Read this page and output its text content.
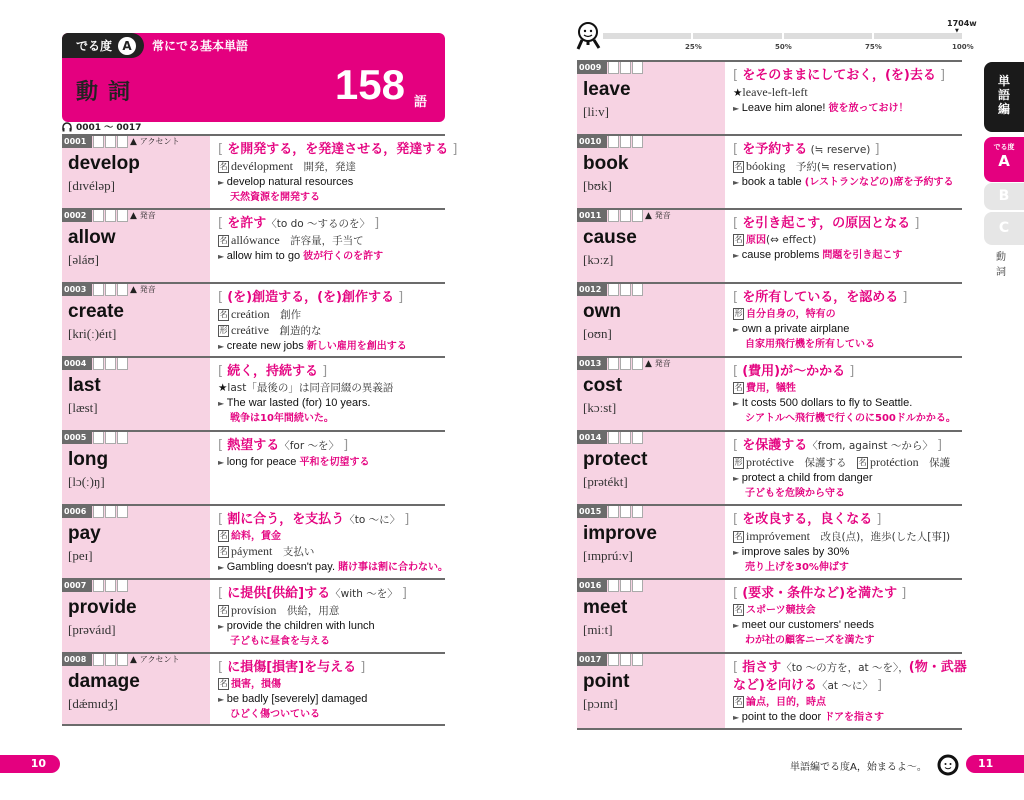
でる度 A	常にでる基本単語
動詞	158 語
0001 ～ 0017
0001	▲ アクセント
develop
[dɪvéləp]
[ を開発する，を発達させる，発達する ]
名 devélopment　開発，発達
► develop natural resources
天然資源を開発する
0002	▲ 発音
allow
[əláʊ]
[ を許す〈to do ～するのを〉 ]
名 allówance　許容量，手当て
► allow him to go 彼が行くのを許す
0003	▲ 発音
create
[kri(ː)éɪt]
[ (を)創造する，(を)創作する ]
名 creátion　創作
形 creátive　創造的な
► create new jobs 新しい雇用を創出する
0004
last
[læst]
[ 続く，持続する ]
★ last「最後の」は同音同綴の異義語
► The war lasted (for) 10 years.
戦争は10年間続いた。
0005
long
[lɔ(ː)ŋ]
[ 熱望する〈for ～を〉 ]
► long for peace 平和を切望する
0006
pay
[peɪ]
[ 割に合う，を支払う〈to ～に〉 ]
名 給料，賃金
名 páyment　支払い
► Gambling doesn't pay. 賭け事は割に合わない。
0007
provide
[prəváɪd]
[ に提供[供給]する〈with ～を〉 ]
名 provísion　供給，用意
► provide the children with lunch
子どもに昼食を与える
0008	▲ アクセント
damage
[dǽmɪdʒ]
[ に損傷[損害]を与える ]
名 損害，損傷
► be badly [severely] damaged
ひどく傷ついている
0009
leave
[liːv]
[ をそのままにしておく，(を)去る ]
★ leave-left-left
► Leave him alone! 彼を放っておけ！
0010
book
[bʊk]
[ を予約する (≒ reserve) ]
名 bóoking　予約(≒ reservation)
► book a table (レストランなどの)席を予約する
0011	▲ 発音
cause
[kɔːz]
[ を引き起こす，の原因となる ]
名 原因(⇔ effect)
► cause problems 問題を引き起こす
0012
own
[oʊn]
[ を所有している，を認める ]
形 自分自身の，特有の
► own a private airplane
自家用飛行機を所有している
0013	▲ 発音
cost
[kɔːst]
[ (費用)が～かかる ]
名 費用，犠牲
► It costs 500 dollars to fly to Seattle.
シアトルへ飛行機で行くのに500ドルかかる。
0014
protect
[prətékt]
[ を保護する〈from, against ～から〉 ]
形 protéctive　保護する　名 protéction　保護
► protect a child from danger
子どもを危険から守る
0015
improve
[ɪmprúːv]
[ を改良する，良くなる ]
名 impróvement　改良(点)，進歩(した人[事])
► improve sales by 30%
売り上げを30%伸ばす
0016
meet
[miːt]
[ (要求・条件など)を満たす ]
名 スポーツ競技会
► meet our customers' needs
わが社の顧客ニーズを満たす
0017
point
[pɔɪnt]
[ 指さす〈to ～の方を，at ～を〉，(物・武器
など)を向ける〈at ～に〉 ]
名 論点，目的，時点
► point to the door ドアを指さす
1704w ▼
25%	50%	75%	100%
単語編
でる度
A
B
C
動詞
10	単語編でる度A，始まるよ～。	11
